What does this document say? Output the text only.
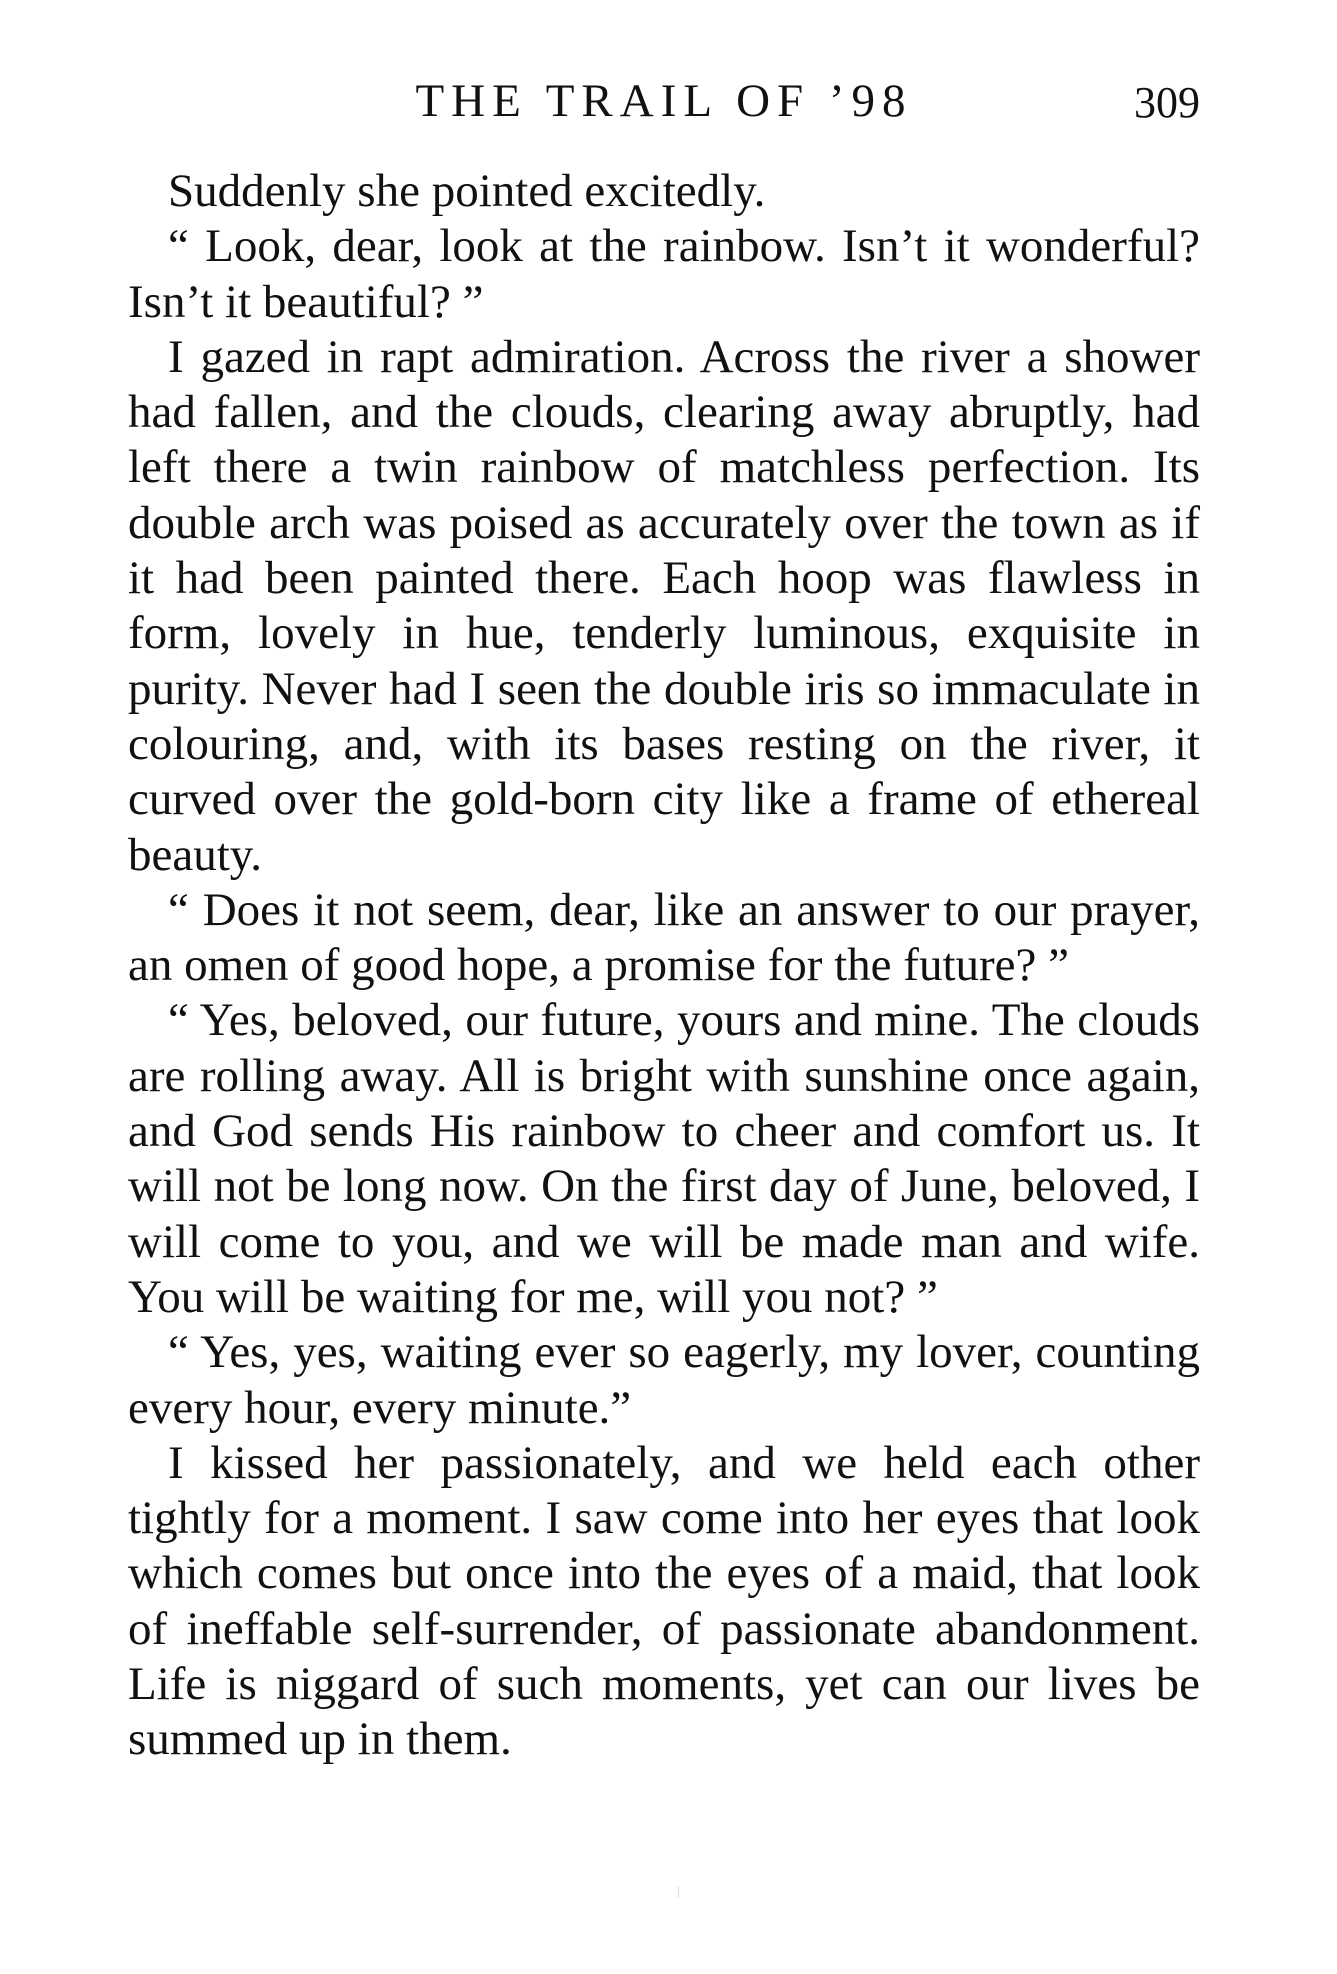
THE TRAIL OF ’98	309

Suddenly she pointed excitedly.

“ Look, dear, look at the rainbow. Isn’t it wonderful? Isn’t it beautiful? ”

I gazed in rapt admiration. Across the river a shower had fallen, and the clouds, clearing away abruptly, had left there a twin rainbow of matchless perfection. Its double arch was poised as accurately over the town as if it had been painted there. Each hoop was flawless in form, lovely in hue, tenderly luminous, exquisite in purity. Never had I seen the double iris so immaculate in colouring, and, with its bases resting on the river, it curved over the gold-born city like a frame of ethereal beauty.

“ Does it not seem, dear, like an answer to our prayer, an omen of good hope, a promise for the future? ”

“ Yes, beloved, our future, yours and mine. The clouds are rolling away. All is bright with sunshine once again, and God sends His rainbow to cheer and comfort us. It will not be long now. On the first day of June, beloved, I will come to you, and we will be made man and wife. You will be waiting for me, will you not? ”

“ Yes, yes, waiting ever so eagerly, my lover, counting every hour, every minute.”

I kissed her passionately, and we held each other tightly for a moment. I saw come into her eyes that look which comes but once into the eyes of a maid, that look of ineffable self-surrender, of passionate abandonment. Life is niggard of such moments, yet can our lives be summed up in them.
